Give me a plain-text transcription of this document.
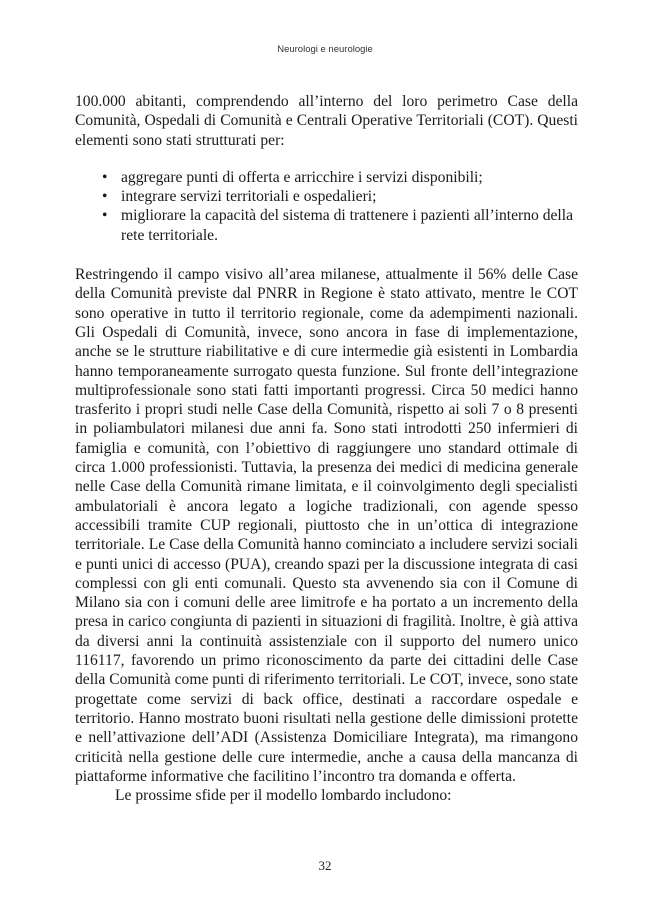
Neurologi e neurologie

100.000 abitanti, comprendendo all’interno del loro perimetro Case della Comunità, Ospedali di Comunità e Centrali Operative Territoriali (COT). Questi elementi sono stati strutturati per:

• aggregare punti di offerta e arricchire i servizi disponibili;
• integrare servizi territoriali e ospedalieri;
• migliorare la capacità del sistema di trattenere i pazienti all’interno della rete territoriale.

Restringendo il campo visivo all’area milanese, attualmente il 56% delle Case della Comunità previste dal PNRR in Regione è stato attivato, mentre le COT sono operative in tutto il territorio regionale, come da adempimenti nazionali. Gli Ospedali di Comunità, invece, sono ancora in fase di implementazione, anche se le strutture riabilitative e di cure intermedie già esistenti in Lombardia hanno temporaneamente surrogato questa funzione. Sul fronte dell’integrazione multiprofessionale sono stati fatti importanti progressi. Circa 50 medici hanno trasferito i propri studi nelle Case della Comunità, rispetto ai soli 7 o 8 presenti in poliambulatori milanesi due anni fa. Sono stati introdotti 250 infermieri di famiglia e comunità, con l’obiettivo di raggiungere uno standard ottimale di circa 1.000 professionisti. Tuttavia, la presenza dei medici di medicina generale nelle Case della Comunità rimane limitata, e il coinvolgimento degli specialisti ambulatoriali è ancora legato a logiche tradizionali, con agende spesso accessibili tramite CUP regionali, piuttosto che in un’ottica di integrazione territoriale. Le Case della Comunità hanno cominciato a includere servizi sociali e punti unici di accesso (PUA), creando spazi per la discussione integrata di casi complessi con gli enti comunali. Questo sta avvenendo sia con il Comune di Milano sia con i comuni delle aree limitrofe e ha portato a un incremento della presa in carico congiunta di pazienti in situazioni di fragilità. Inoltre, è già attiva da diversi anni la continuità assistenziale con il supporto del numero unico 116117, favorendo un primo riconoscimento da parte dei cittadini delle Case della Comunità come punti di riferimento territoriali. Le COT, invece, sono state progettate come servizi di back office, destinati a raccordare ospedale e territorio. Hanno mostrato buoni risultati nella gestione delle dimissioni protette e nell’attivazione dell’ADI (Assistenza Domiciliare Integrata), ma rimangono criticità nella gestione delle cure intermedie, anche a causa della mancanza di piattaforme informative che facilitino l’incontro tra domanda e offerta.

Le prossime sfide per il modello lombardo includono:

32
